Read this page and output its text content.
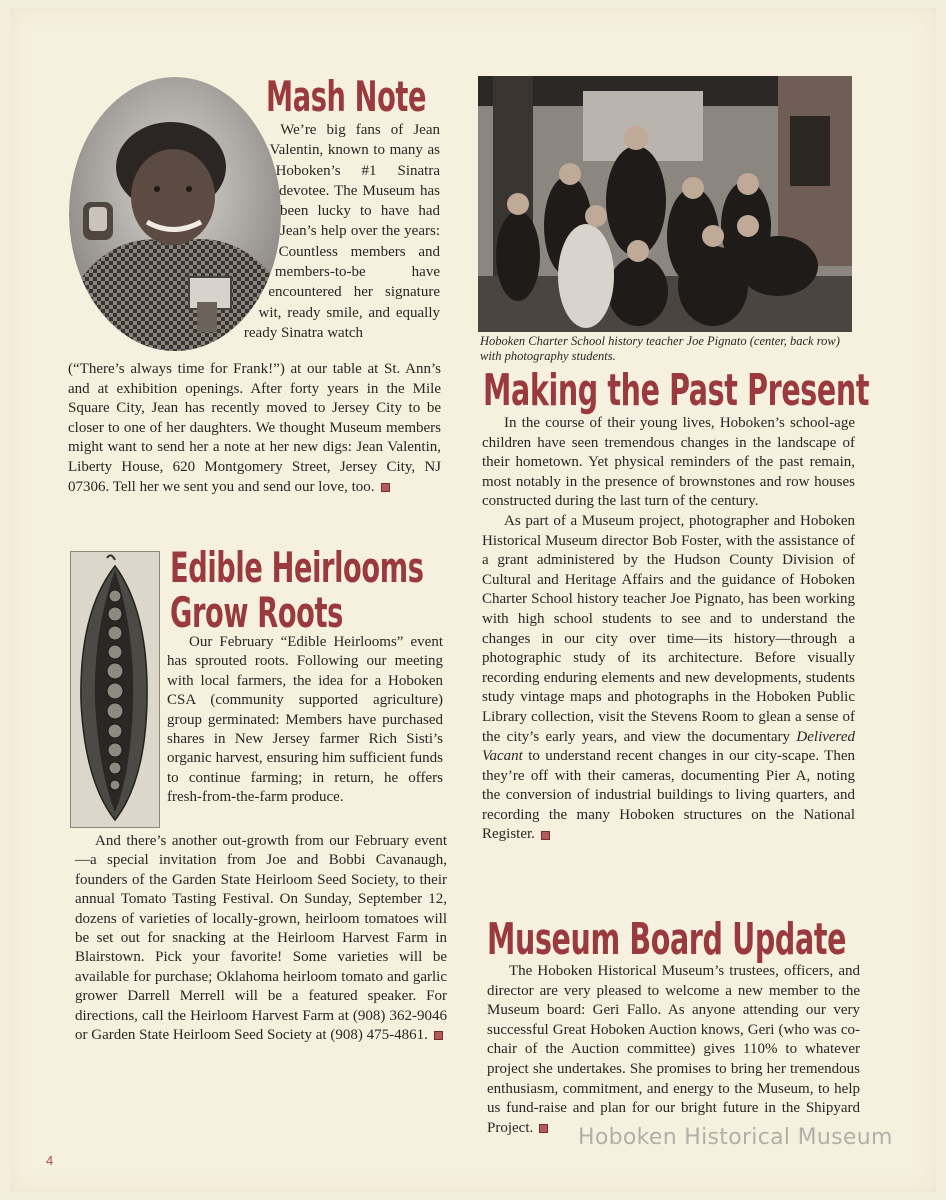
Mash Note

We’re big fans of Jean Valentin, known to many as Hoboken’s #1 Sinatra devotee. The Museum has been lucky to have had Jean’s help over the years: Countless members and members-to-be have encountered her signature wit, ready smile, and equally ready Sinatra watch

(“There’s always time for Frank!”) at our table at St. Ann’s and at exhibition openings. After forty years in the Mile Square City, Jean has recently moved to Jersey City to be closer to one of her daughters. We thought Museum members might want to send her a note at her new digs: Jean Valentin, Liberty House, 620 Montgomery Street, Jersey City, NJ 07306. Tell her we sent you and send our love, too.
Edible Heirlooms
Grow Roots

Our February “Edible Heirlooms” event has sprouted roots. Following our meeting with local farmers, the idea for a Hoboken CSA (community supported agriculture) group germinated: Members have purchased shares in New Jersey farmer Rich Sisti’s organic harvest, ensuring him sufficient funds to continue farming; in return, he offers fresh-from-the-farm produce.

And there’s another out-growth from our February event—a special invitation from Joe and Bobbi Cavanaugh, founders of the Garden State Heirloom Seed Society, to their annual Tomato Tasting Festival. On Sunday, September 12, dozens of varieties of locally-grown, heirloom tomatoes will be set out for snacking at the Heirloom Harvest Farm in Blairstown. Pick your favorite! Some varieties will be available for purchase; Oklahoma heirloom tomato and garlic grower Darrell Merrell will be a featured speaker. For directions, call the Heirloom Harvest Farm at (908) 362-9046 or Garden State Heirloom Seed Society at (908) 475-4861.

Hoboken Charter School history teacher Joe Pignato (center, back row) with photography students.
Making the Past Present

In the course of their young lives, Hoboken’s school-age children have seen tremendous changes in the landscape of their hometown. Yet physical reminders of the past remain, most notably in the presence of brownstones and row houses constructed during the last turn of the century.

As part of a Museum project, photographer and Hoboken Historical Museum director Bob Foster, with the assistance of a grant administered by the Hudson County Division of Cultural and Heritage Affairs and the guidance of Hoboken Charter School history teacher Joe Pignato, has been working with high school students to see and to understand the changes in our city over time—its history—through a photographic study of its architecture. Before visually recording enduring elements and new developments, students study vintage maps and photographs in the Hoboken Public Library collection, visit the Stevens Room to glean a sense of the city’s early years, and view the documentary Delivered Vacant to understand recent changes in our city-scape. Then they’re off with their cameras, documenting Pier A, noting the conversion of industrial buildings to living quarters, and recording the many Hoboken structures on the National Register.

Museum Board Update

The Hoboken Historical Museum’s trustees, officers, and director are very pleased to welcome a new member to the Museum board: Geri Fallo. As anyone attending our very successful Great Hoboken Auction knows, Geri (who was co-chair of the Auction committee) gives 110% to whatever project she undertakes. She promises to bring her tremendous enthusiasm, commitment, and energy to the Museum, to help us fund-raise and plan for our bright future in the Shipyard Project.

4
Hoboken Historical Museum
